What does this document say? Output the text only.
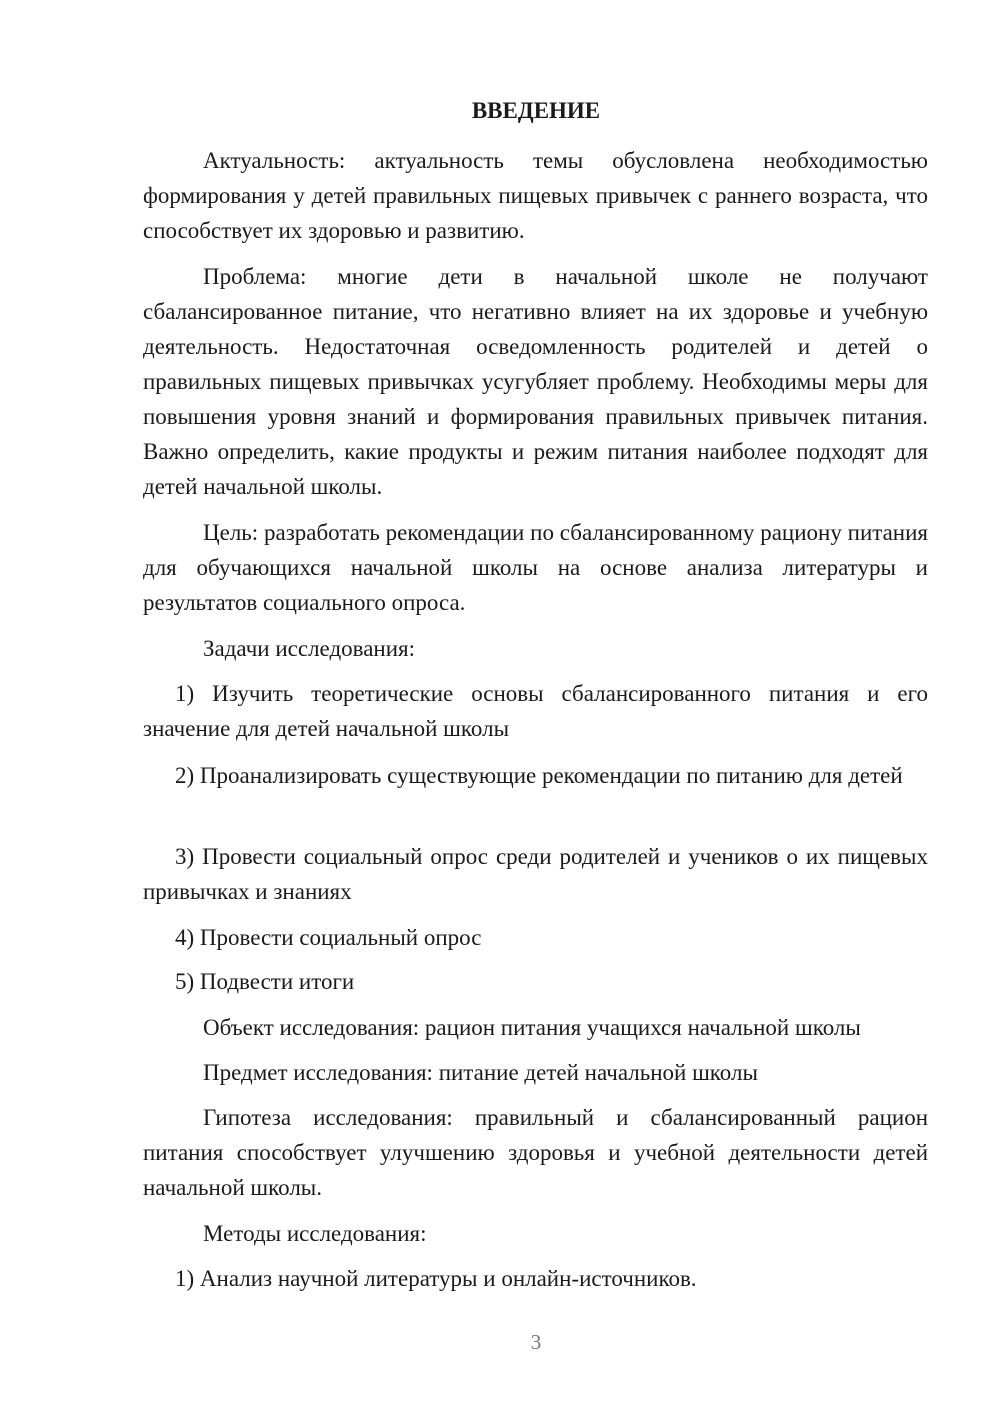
ВВЕДЕНИЕ

Актуальность: актуальность темы обусловлена необходимостью формирования у детей правильных пищевых привычек с раннего возраста, что способствует их здоровью и развитию.

Проблема: многие дети в начальной школе не получают сбалансированное питание, что негативно влияет на их здоровье и учебную деятельность. Недостаточная осведомленность родителей и детей о правильных пищевых привычках усугубляет проблему. Необходимы меры для повышения уровня знаний и формирования правильных привычек питания. Важно определить, какие продукты и режим питания наиболее подходят для детей начальной школы.

Цель: разработать рекомендации по сбалансированному рациону питания для обучающихся начальной школы на основе анализа литературы и результатов социального опроса.

Задачи исследования:

1) Изучить теоретические основы сбалансированного питания и его значение для детей начальной школы

2) Проанализировать существующие рекомендации по питанию для детей

3) Провести социальный опрос среди родителей и учеников о их пищевых привычках и знаниях

4) Провести социальный опрос

5) Подвести итоги

Объект исследования: рацион питания учащихся начальной школы

Предмет исследования: питание детей начальной школы

Гипотеза исследования: правильный и сбалансированный рацион питания способствует улучшению здоровья и учебной деятельности детей начальной школы.

Методы исследования:

1) Анализ научной литературы и онлайн-источников.

3
